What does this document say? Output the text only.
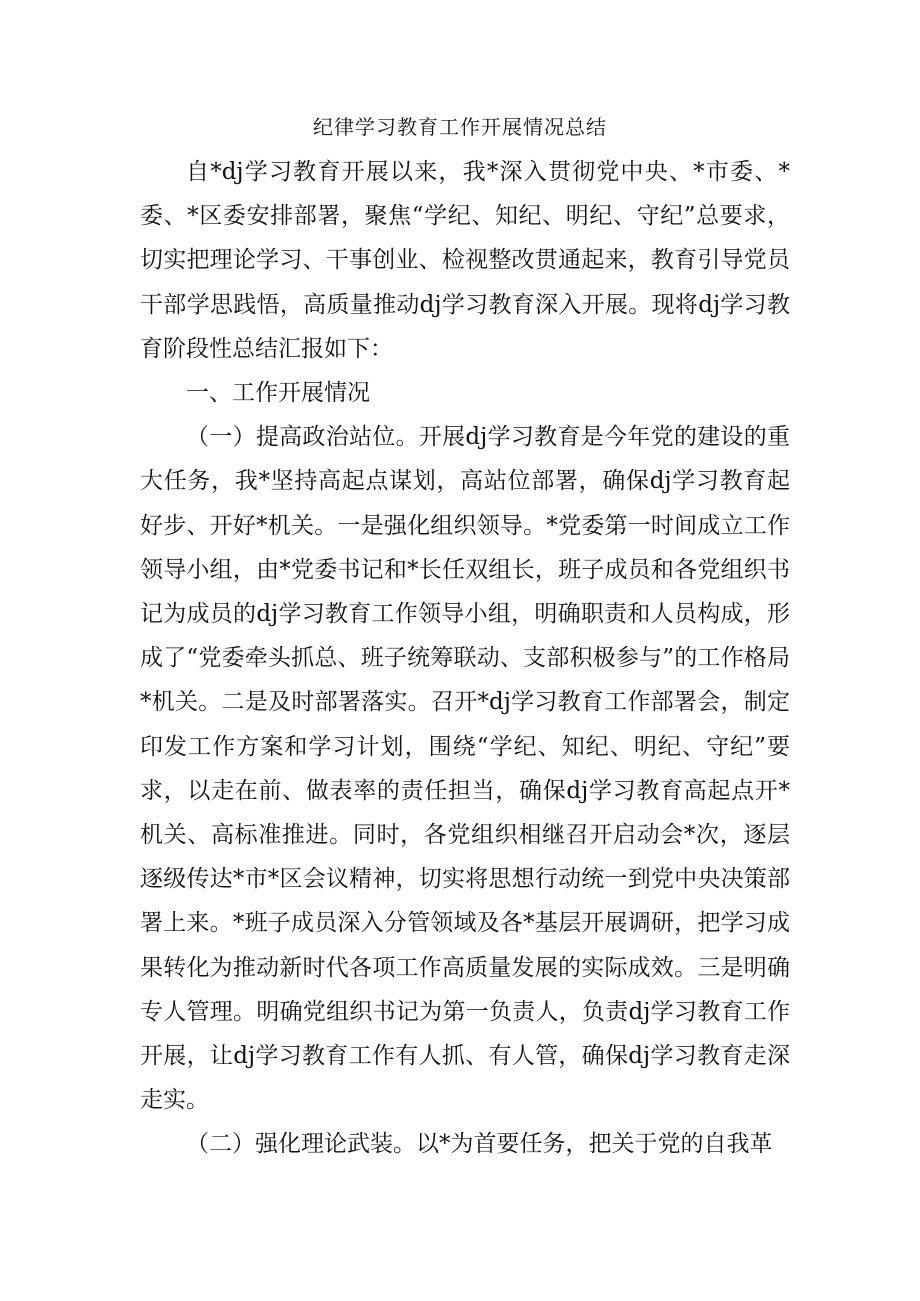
纪律学习教育工作开展情况总结

自*dj学习教育开展以来，我*深入贯彻党中央、*市委、*委、*区委安排部署，聚焦“学纪、知纪、明纪、守纪”总要求，切实把理论学习、干事创业、检视整改贯通起来，教育引导党员干部学思践悟，高质量推动dj学习教育深入开展。现将dj学习教育阶段性总结汇报如下：

一、工作开展情况

（一）提高政治站位。开展dj学习教育是今年党的建设的重大任务，我*坚持高起点谋划，高站位部署，确保dj学习教育起好步、开好*机关。一是强化组织领导。*党委第一时间成立工作领导小组，由*党委书记和*长任双组长，班子成员和各党组织书记为成员的dj学习教育工作领导小组，明确职责和人员构成，形成了“党委牵头抓总、班子统筹联动、支部积极参与”的工作格局*机关。二是及时部署落实。召开*dj学习教育工作部署会，制定印发工作方案和学习计划，围绕“学纪、知纪、明纪、守纪”要求，以走在前、做表率的责任担当，确保dj学习教育高起点开*机关、高标准推进。同时，各党组织相继召开启动会*次，逐层逐级传达*市*区会议精神，切实将思想行动统一到党中央决策部署上来。*班子成员深入分管领域及各*基层开展调研，把学习成果转化为推动新时代各项工作高质量发展的实际成效。三是明确专人管理。明确党组织书记为第一负责人，负责dj学习教育工作开展，让dj学习教育工作有人抓、有人管，确保dj学习教育走深走实。

（二）强化理论武装。以*为首要任务，把关于党的自我革
